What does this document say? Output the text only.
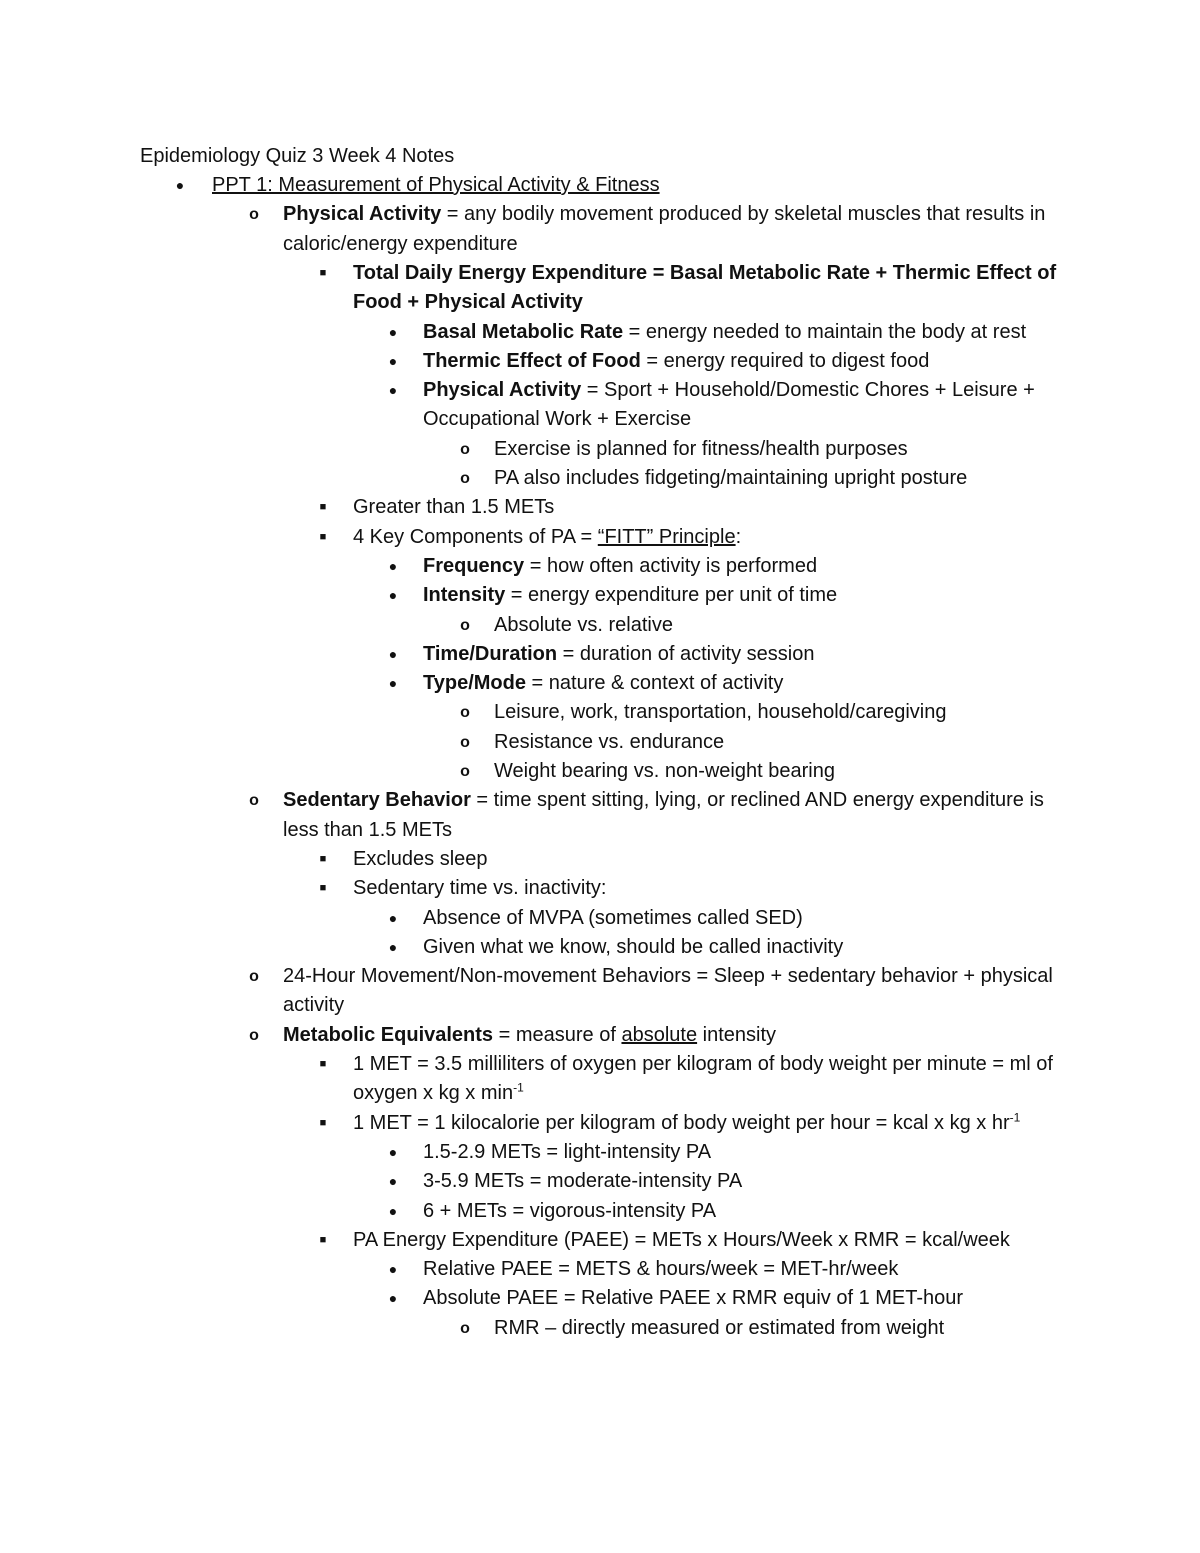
Epidemiology Quiz 3 Week 4 Notes
● PPT 1: Measurement of Physical Activity & Fitness
o Physical Activity = any bodily movement produced by skeletal muscles that results in caloric/energy expenditure
■	Total Daily Energy Expenditure = Basal Metabolic Rate + Thermic Effect of Food + Physical Activity
● Basal Metabolic Rate = energy needed to maintain the body at rest
● Thermic Effect of Food = energy required to digest food
● Physical Activity = Sport + Household/Domestic Chores + Leisure + Occupational Work + Exercise
o Exercise is planned for fitness/health purposes
o PA also includes fidgeting/maintaining upright posture
■	Greater than 1.5 METs
■	4 Key Components of PA = “FITT” Principle:
● Frequency = how often activity is performed
● Intensity = energy expenditure per unit of time
o Absolute vs. relative
● Time/Duration = duration of activity session
● Type/Mode = nature & context of activity
o Leisure, work, transportation, household/caregiving
o Resistance vs. endurance
o Weight bearing vs. non-weight bearing
o Sedentary Behavior = time spent sitting, lying, or reclined AND energy expenditure is less than 1.5 METs
■	Excludes sleep
■	Sedentary time vs. inactivity:
● Absence of MVPA (sometimes called SED)
● Given what we know, should be called inactivity
o 24-Hour Movement/Non-movement Behaviors = Sleep + sedentary behavior + physical activity
o Metabolic Equivalents = measure of absolute intensity
■	1 MET = 3.5 milliliters of oxygen per kilogram of body weight per minute = ml of oxygen x kg x $\min^{-1}$
■	1 MET = 1 kilocalorie per kilogram of body weight per hour = kcal x kg x $hr^{-1}$
● 1.5-2.9 METs = light-intensity PA
● 3-5.9 METs = moderate-intensity PA
● 6 + METs = vigorous-intensity PA
■	PA Energy Expenditure (PAEE) = METs x Hours/Week x RMR = kcal/week
● Relative PAEE = METS & hours/week = MET-hr/week
● Absolute PAEE = Relative PAEE x RMR equiv of 1 MET-hour
o RMR – directly measured or estimated from weight
